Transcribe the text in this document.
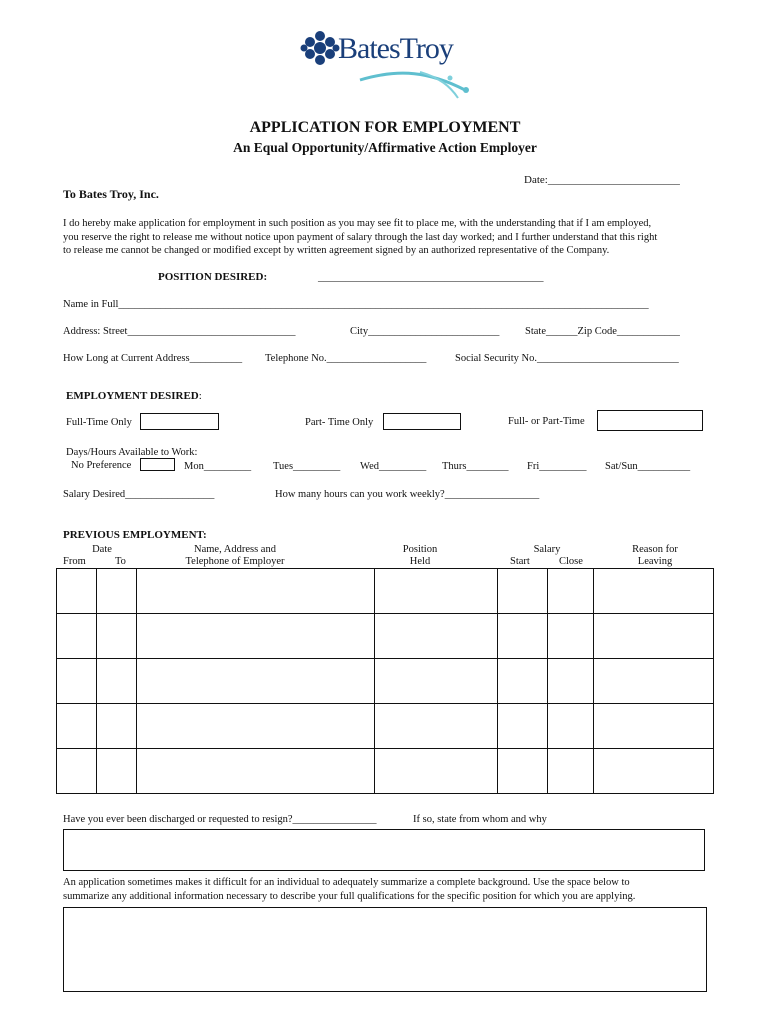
BatesTroy
APPLICATION FOR EMPLOYMENT
An Equal Opportunity/Affirmative Action Employer
Date:________________________
To Bates Troy, Inc.
I do hereby make application for employment in such position as you may see fit to place me, with the understanding that if I am employed,
you reserve the right to release me without notice upon payment of salary through the last day worked; and I further understand that this right
to release me cannot be changed or modified except by written agreement signed by an authorized representative of the Company.
POSITION DESIRED:	_________________________________________
Name in Full_____________________________________________________________________________________________________
Address: Street________________________________	City_________________________ State______Zip Code____________
How Long at Current Address__________ Telephone No.___________________	Social Security No.___________________________
EMPLOYMENT DESIRED:
Full-Time Only	Part- Time Only	Full- or Part-Time
Days/Hours Available to Work:
No Preference	Mon_________ Tues_________ Wed_________ Thurs________ Fri_________ Sat/Sun__________
Salary Desired_________________	How many hours can you work weekly?__________________
PREVIOUS EMPLOYMENT:
Date
From	To
Name, Address and
Telephone of Employer
Position
Held
Salary
Start	Close
Reason for
Leaving

Have you ever been discharged or requested to resign?________________	If so, state from whom and why
An application sometimes makes it difficult for an individual to adequately summarize a complete background. Use the space below to
summarize any additional information necessary to describe your full qualifications for the specific position for which you are applying.
